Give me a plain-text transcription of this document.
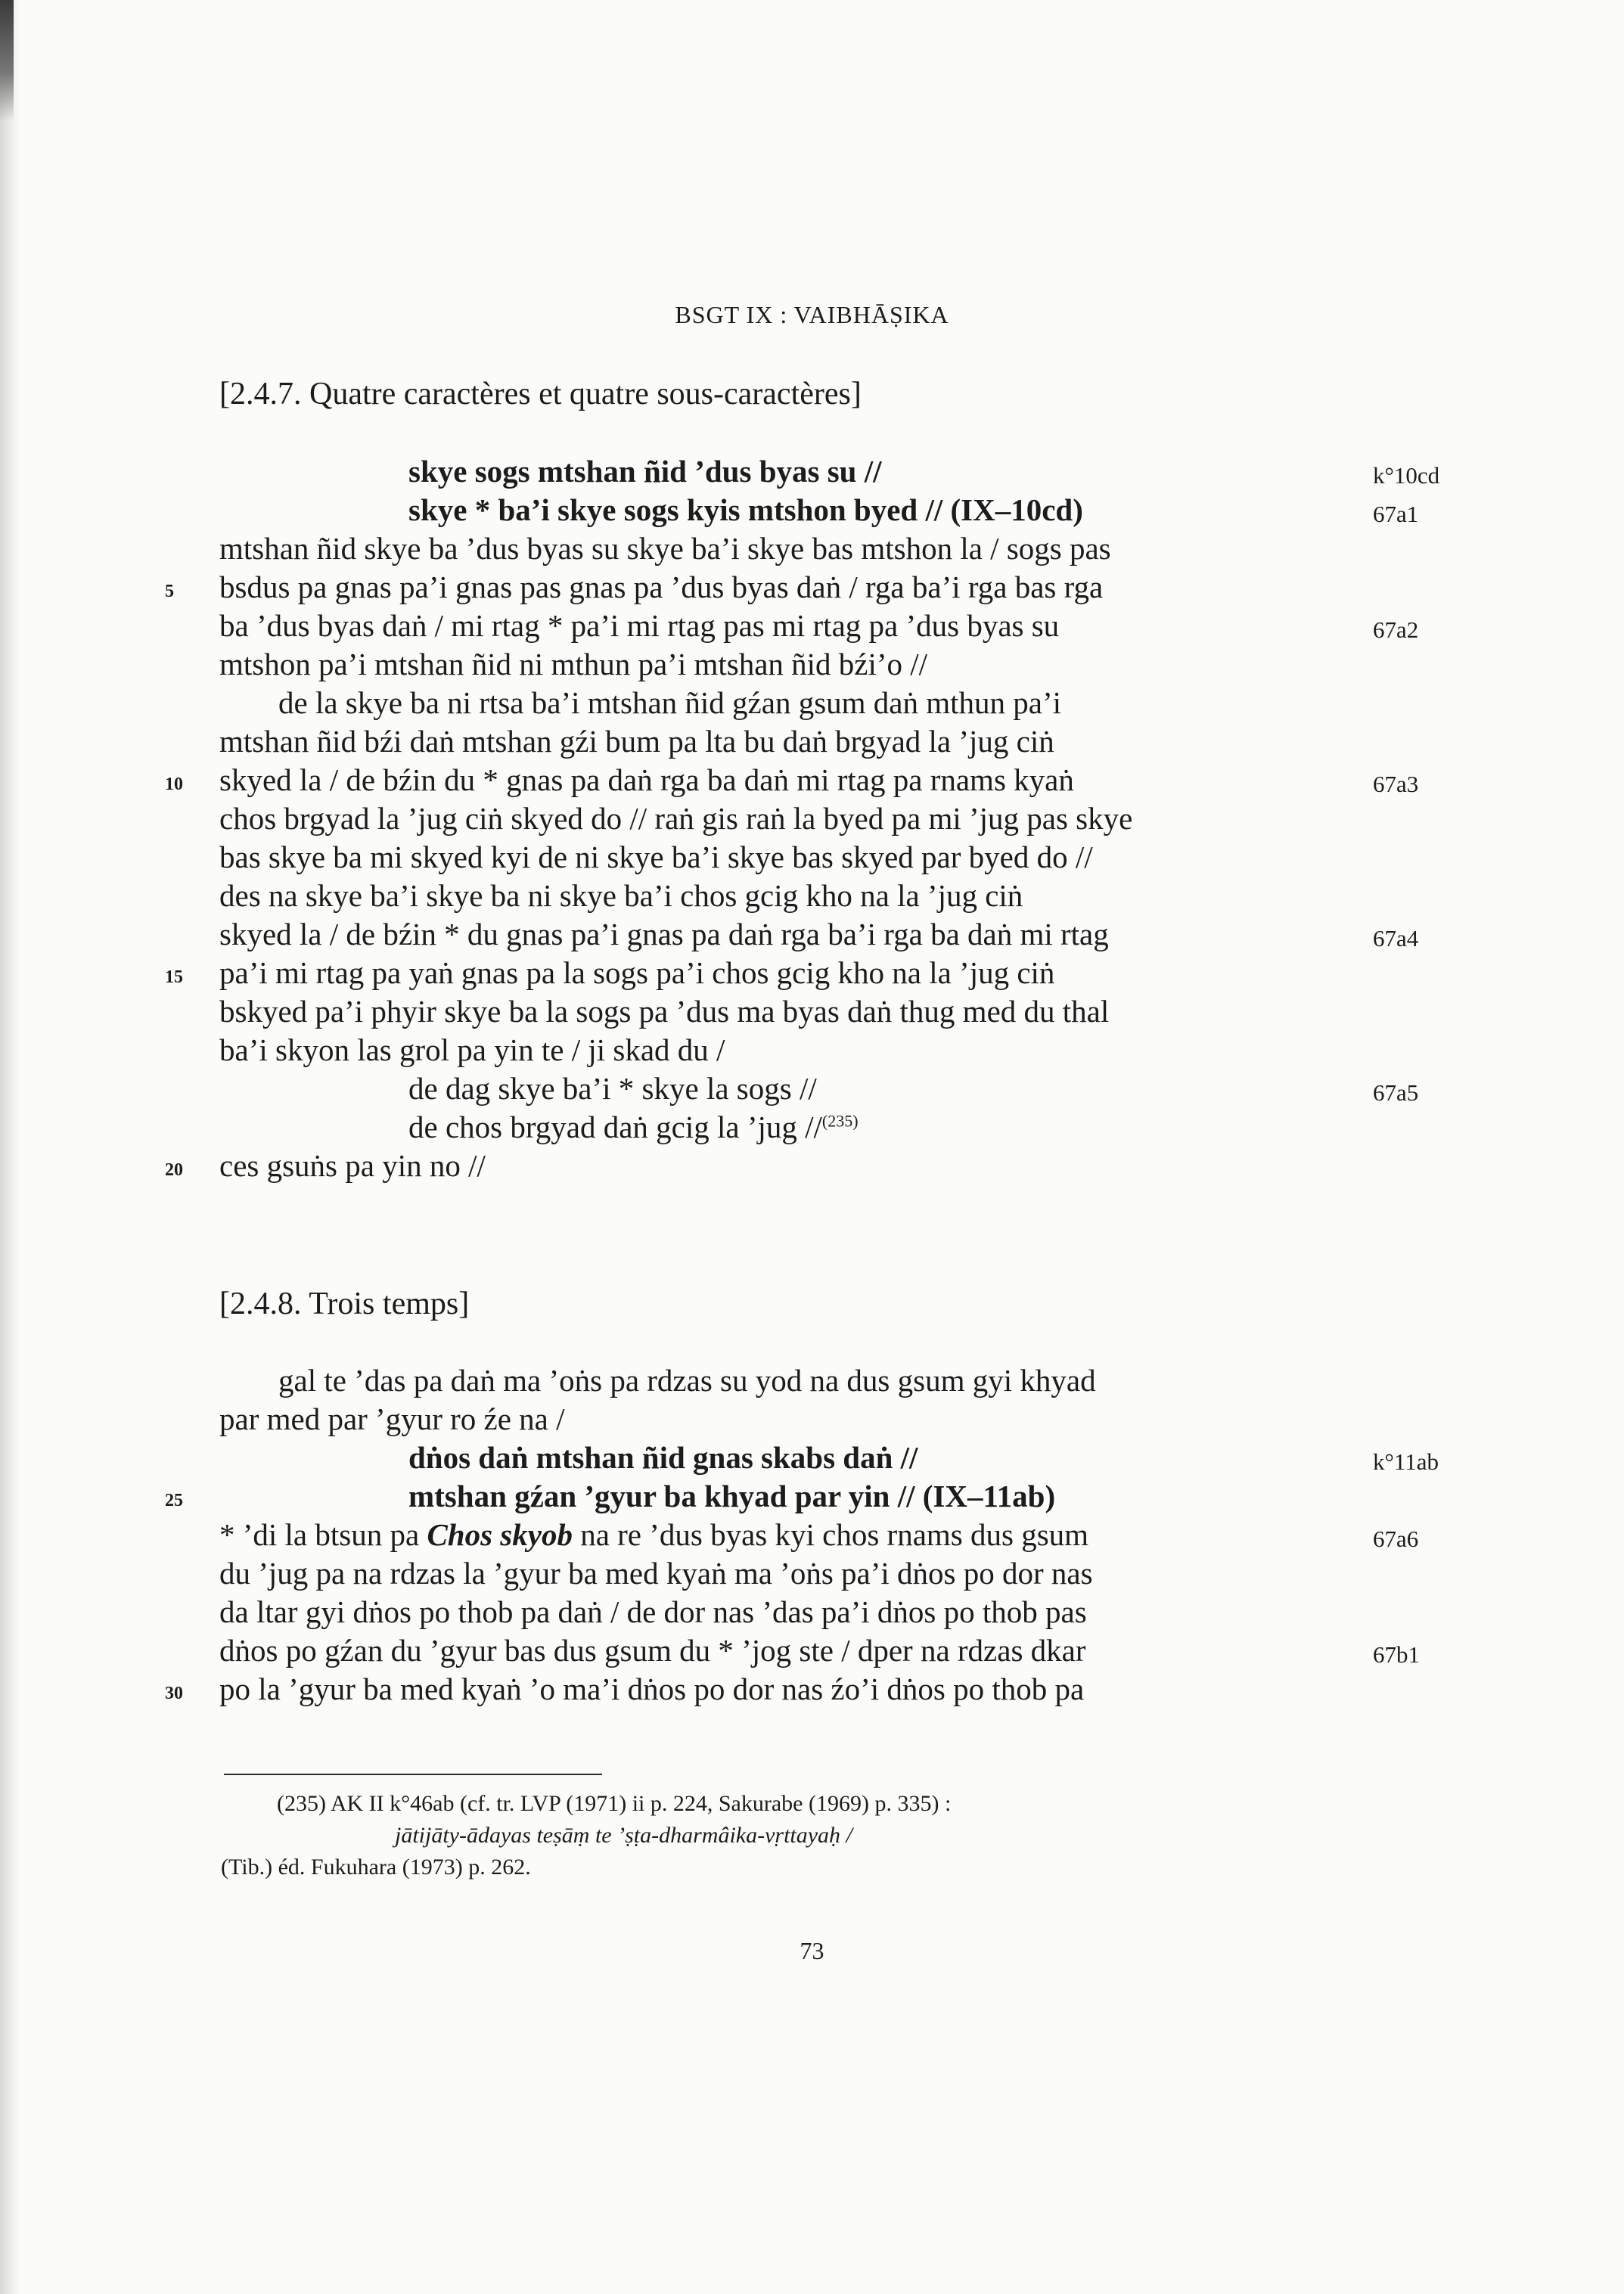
BSGT IX : VAIBHĀṢIKA
[2.4.7. Quatre caractères et quatre sous-caractères]
skye sogs mtshan ñid ’dus byas su //
skye * ba’i skye sogs kyis mtshon byed // (IX–10cd)
mtshan ñid skye ba ’dus byas su skye ba’i skye bas mtshon la / sogs pas
bsdus pa gnas pa’i gnas pas gnas pa ’dus byas daṅ / rga ba’i rga bas rga
ba ’dus byas daṅ / mi rtag * pa’i mi rtag pas mi rtag pa ’dus byas su
mtshon pa’i mtshan ñid ni mthun pa’i mtshan ñid bźi’o //
de la skye ba ni rtsa ba’i mtshan ñid gźan gsum daṅ mthun pa’i
mtshan ñid bźi daṅ mtshan gźi bum pa lta bu daṅ brgyad la ’jug ciṅ
skyed la / de bźin du * gnas pa daṅ rga ba daṅ mi rtag pa rnams kyaṅ
chos brgyad la ’jug ciṅ skyed do // raṅ gis raṅ la byed pa mi ’jug pas skye
bas skye ba mi skyed kyi de ni skye ba’i skye bas skyed par byed do //
des na skye ba’i skye ba ni skye ba’i chos gcig kho na la ’jug ciṅ
skyed la / de bźin * du gnas pa’i gnas pa daṅ rga ba’i rga ba daṅ mi rtag
pa’i mi rtag pa yaṅ gnas pa la sogs pa’i chos gcig kho na la ’jug ciṅ
bskyed pa’i phyir skye ba la sogs pa ’dus ma byas daṅ thug med du thal
ba’i skyon las grol pa yin te / ji skad du /
de dag skye ba’i * skye la sogs //
de chos brgyad daṅ gcig la ’jug //$^{(235)}$
ces gsuṅs pa yin no //
[2.4.8. Trois temps]
gal te ’das pa daṅ ma ’oṅs pa rdzas su yod na dus gsum gyi khyad
par med par ’gyur ro źe na /
dṅos daṅ mtshan ñid gnas skabs daṅ //
mtshan gźan ’gyur ba khyad par yin // (IX–11ab)
* ’di la btsun pa Chos skyob na re ’dus byas kyi chos rnams dus gsum
du ’jug pa na rdzas la ’gyur ba med kyaṅ ma ’oṅs pa’i dṅos po dor nas
da ltar gyi dṅos po thob pa daṅ / de dor nas ’das pa’i dṅos po thob pas
dṅos po gźan du ’gyur bas dus gsum du * ’jog ste / dper na rdzas dkar
po la ’gyur ba med kyaṅ ’o ma’i dṅos po dor nas źo’i dṅos po thob pa
5
10
15
20
25
30
k°10cd
67a1
67a2
67a3
67a4
67a5
k°11ab
67a6
67b1
(235) AK II k°46ab (cf. tr. LVP (1971) ii p. 224, Sakurabe (1969) p. 335) :
jātijāty-ādayas teṣāṃ te ’ṣṭa-dharmâika-vṛttayaḥ /
(Tib.) éd. Fukuhara (1973) p. 262.
73
